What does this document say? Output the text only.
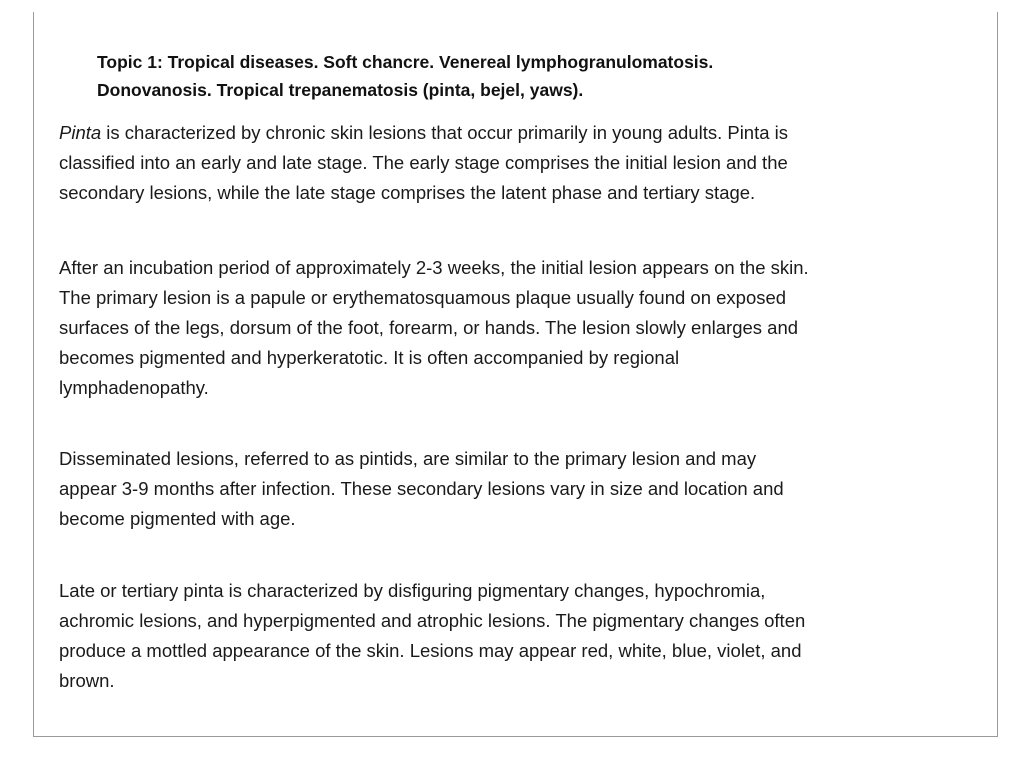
Topic 1: Tropical diseases. Soft chancre. Venereal lymphogranulomatosis.
Donovanosis. Tropical trepanematosis (pinta, bejel, yaws).
Pinta is characterized by chronic skin lesions that occur primarily in young adults. Pinta is
classified into an early and late stage. The early stage comprises the initial lesion and the
secondary lesions, while the late stage comprises the latent phase and tertiary stage.
After an incubation period of approximately 2-3 weeks, the initial lesion appears on the skin.
The primary lesion is a papule or erythematosquamous plaque usually found on exposed
surfaces of the legs, dorsum of the foot, forearm, or hands. The lesion slowly enlarges and
becomes pigmented and hyperkeratotic. It is often accompanied by regional
lymphadenopathy.
Disseminated lesions, referred to as pintids, are similar to the primary lesion and may
appear 3-9 months after infection. These secondary lesions vary in size and location and
become pigmented with age.
Late or tertiary pinta is characterized by disfiguring pigmentary changes, hypochromia,
achromic lesions, and hyperpigmented and atrophic lesions. The pigmentary changes often
produce a mottled appearance of the skin. Lesions may appear red, white, blue, violet, and
brown.
